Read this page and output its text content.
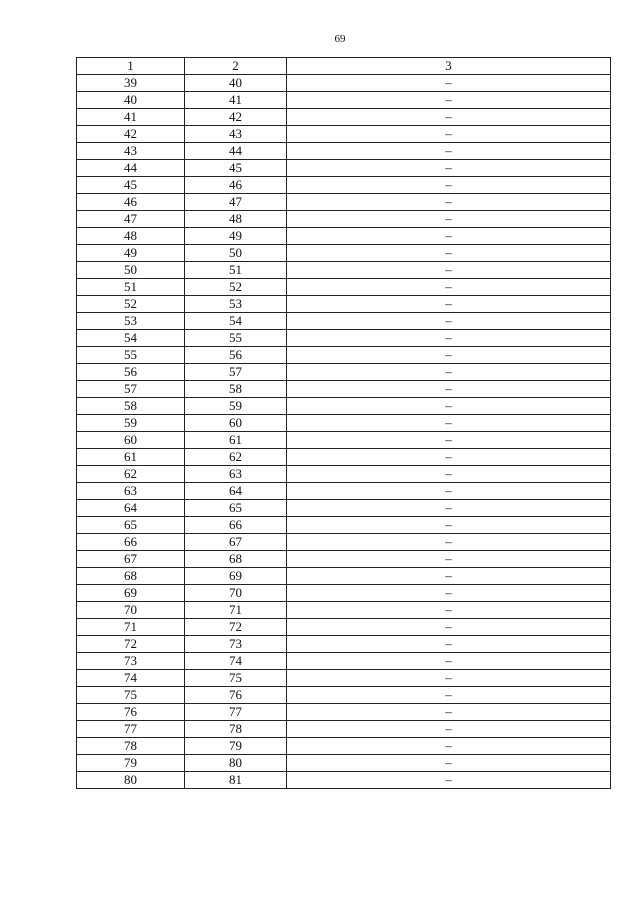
69
1	2	3
39	40	–
40	41	–
41	42	–
42	43	–
43	44	–
44	45	–
45	46	–
46	47	–
47	48	–
48	49	–
49	50	–
50	51	–
51	52	–
52	53	–
53	54	–
54	55	–
55	56	–
56	57	–
57	58	–
58	59	–
59	60	–
60	61	–
61	62	–
62	63	–
63	64	–
64	65	–
65	66	–
66	67	–
67	68	–
68	69	–
69	70	–
70	71	–
71	72	–
72	73	–
73	74	–
74	75	–
75	76	–
76	77	–
77	78	–
78	79	–
79	80	–
80	81	–
